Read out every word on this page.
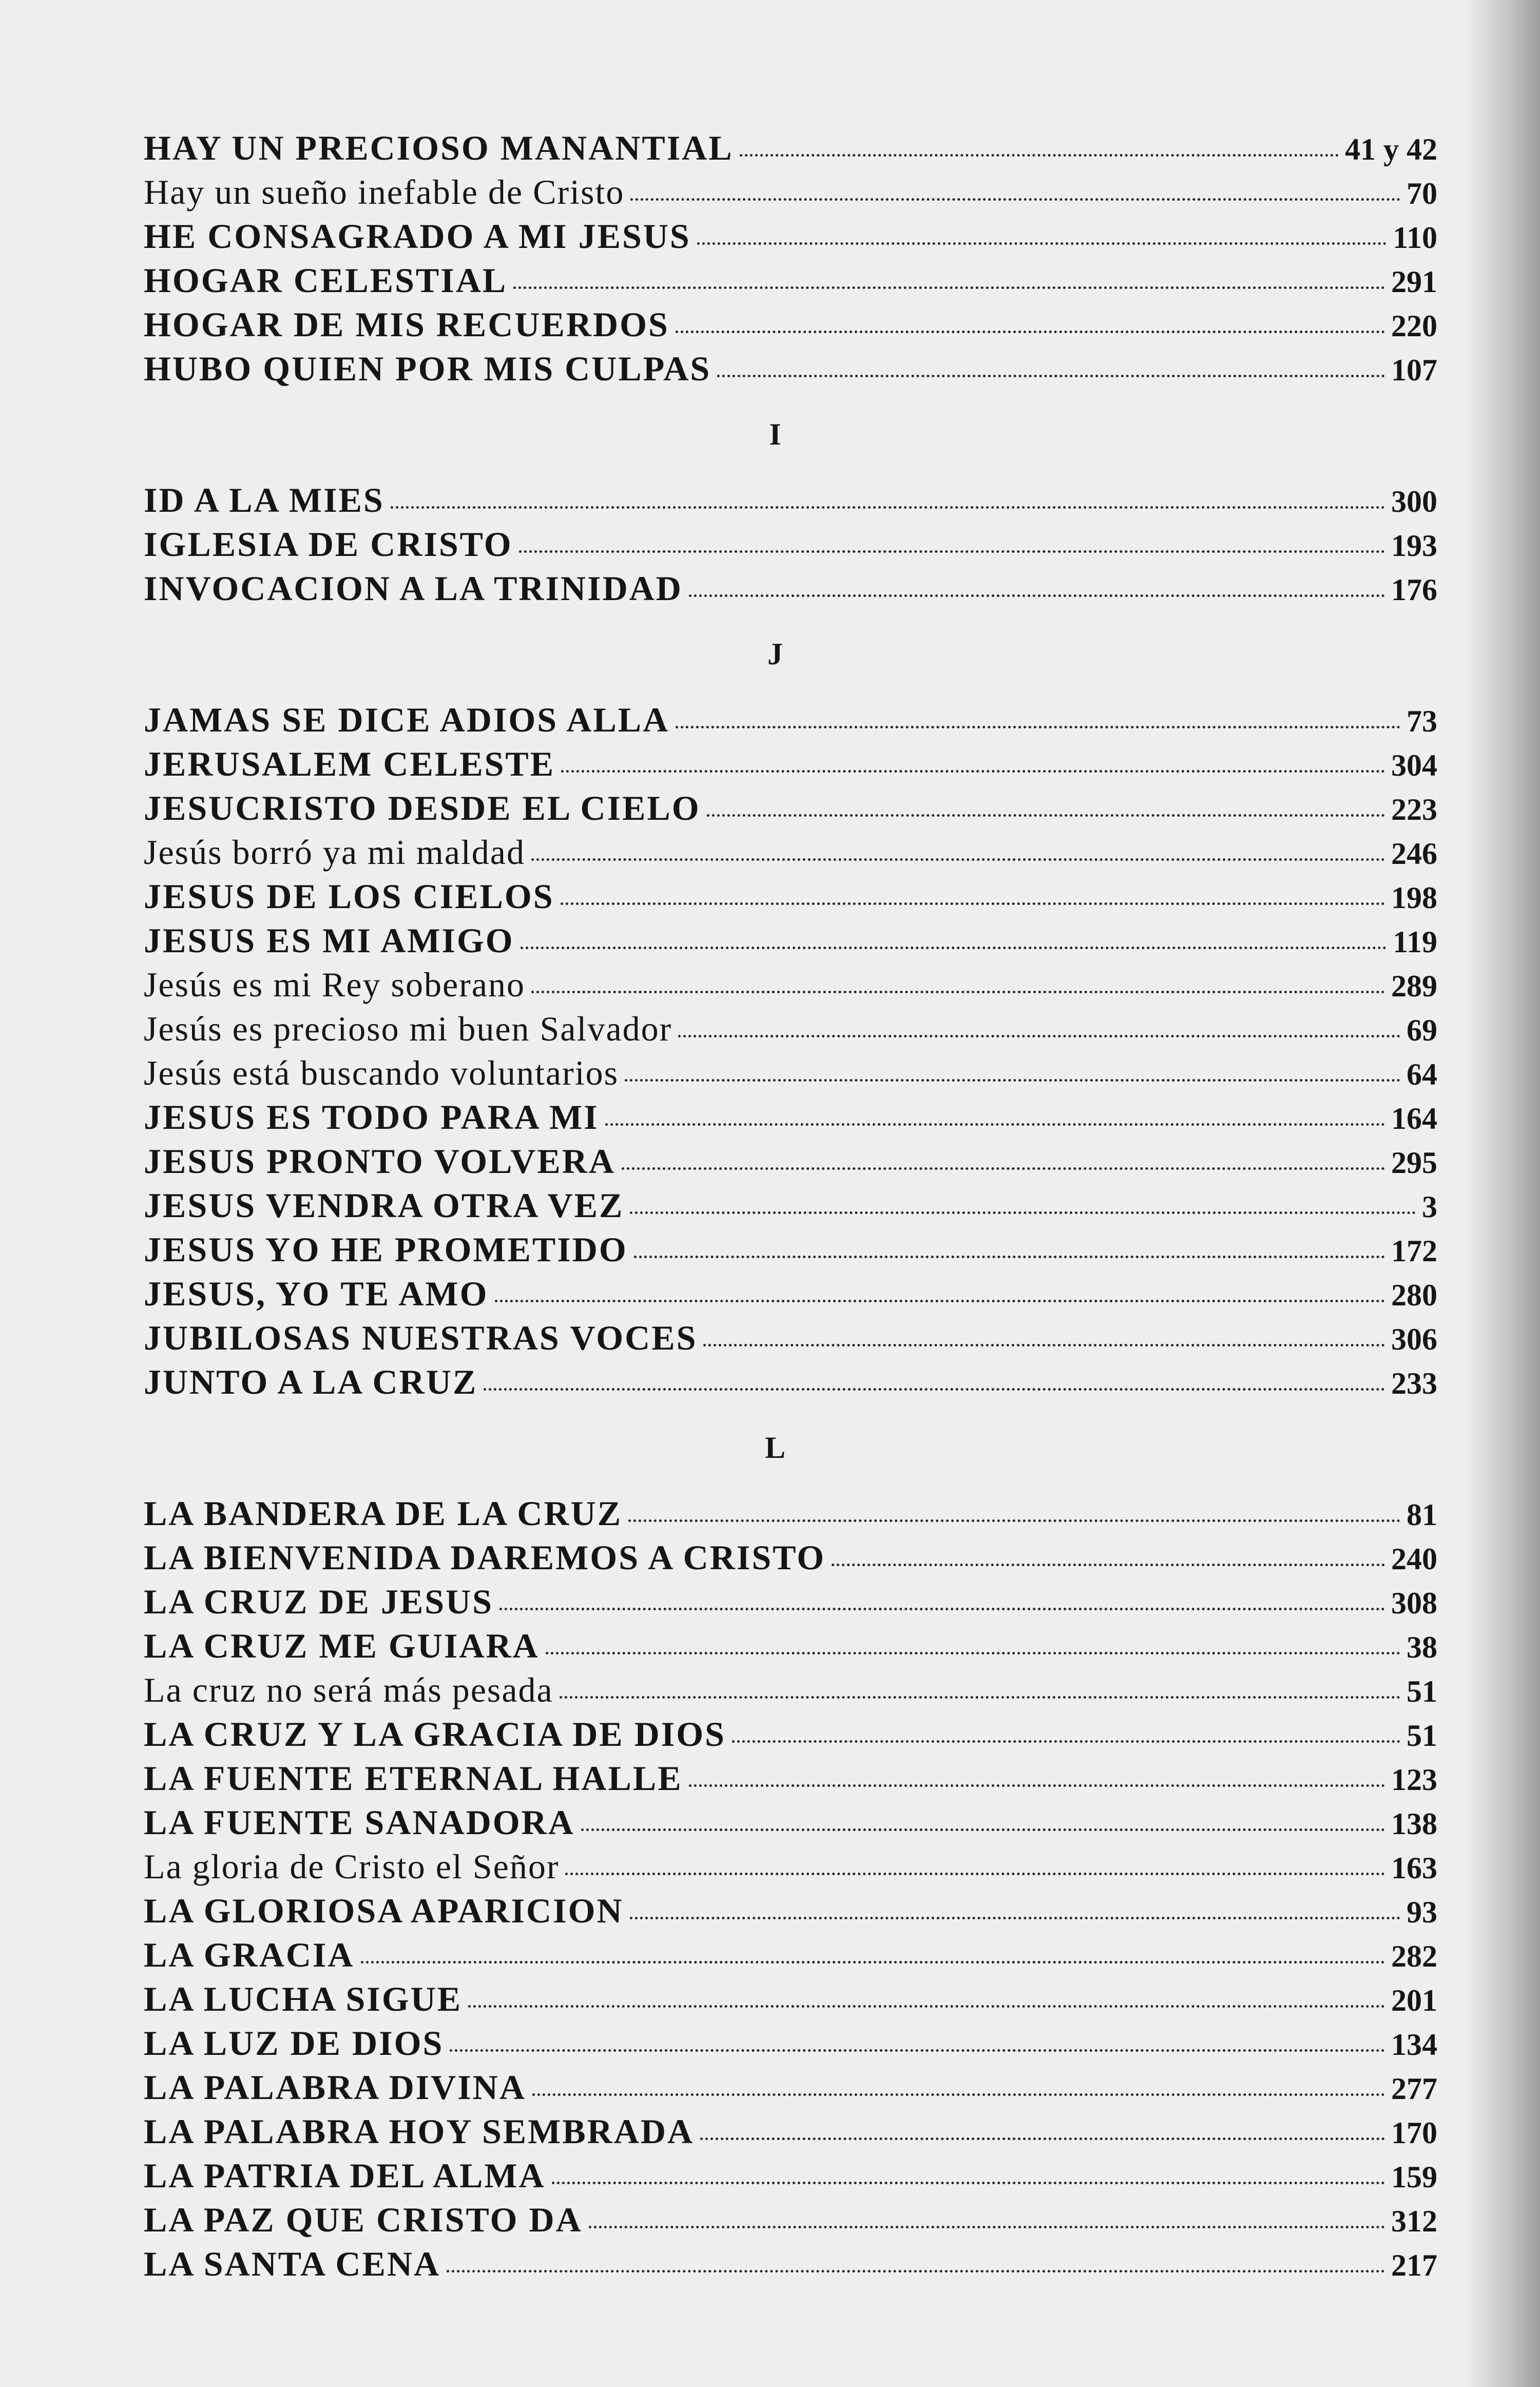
HAY UN PRECIOSO MANANTIAL	41 y 42
Hay un sueño inefable de Cristo	70
HE CONSAGRADO A MI JESUS	110
HOGAR CELESTIAL	291
HOGAR DE MIS RECUERDOS	220
HUBO QUIEN POR MIS CULPAS	107
I
ID A LA MIES	300
IGLESIA DE CRISTO	193
INVOCACION A LA TRINIDAD	176
J
JAMAS SE DICE ADIOS ALLA	73
JERUSALEM CELESTE	304
JESUCRISTO DESDE EL CIELO	223
Jesús borró ya mi maldad	246
JESUS DE LOS CIELOS	198
JESUS ES MI AMIGO	119
Jesús es mi Rey soberano	289
Jesús es precioso mi buen Salvador	69
Jesús está buscando voluntarios	64
JESUS ES TODO PARA MI	164
JESUS PRONTO VOLVERA	295
JESUS VENDRA OTRA VEZ	3
JESUS YO HE PROMETIDO	172
JESUS, YO TE AMO	280
JUBILOSAS NUESTRAS VOCES	306
JUNTO A LA CRUZ	233
L
LA BANDERA DE LA CRUZ	81
LA BIENVENIDA DAREMOS A CRISTO	240
LA CRUZ DE JESUS	308
LA CRUZ ME GUIARA	38
La cruz no será más pesada	51
LA CRUZ Y LA GRACIA DE DIOS	51
LA FUENTE ETERNAL HALLE	123
LA FUENTE SANADORA	138
La gloria de Cristo el Señor	163
LA GLORIOSA APARICION	93
LA GRACIA	282
LA LUCHA SIGUE	201
LA LUZ DE DIOS	134
LA PALABRA DIVINA	277
LA PALABRA HOY SEMBRADA	170
LA PATRIA DEL ALMA	159
LA PAZ QUE CRISTO DA	312
LA SANTA CENA	217
